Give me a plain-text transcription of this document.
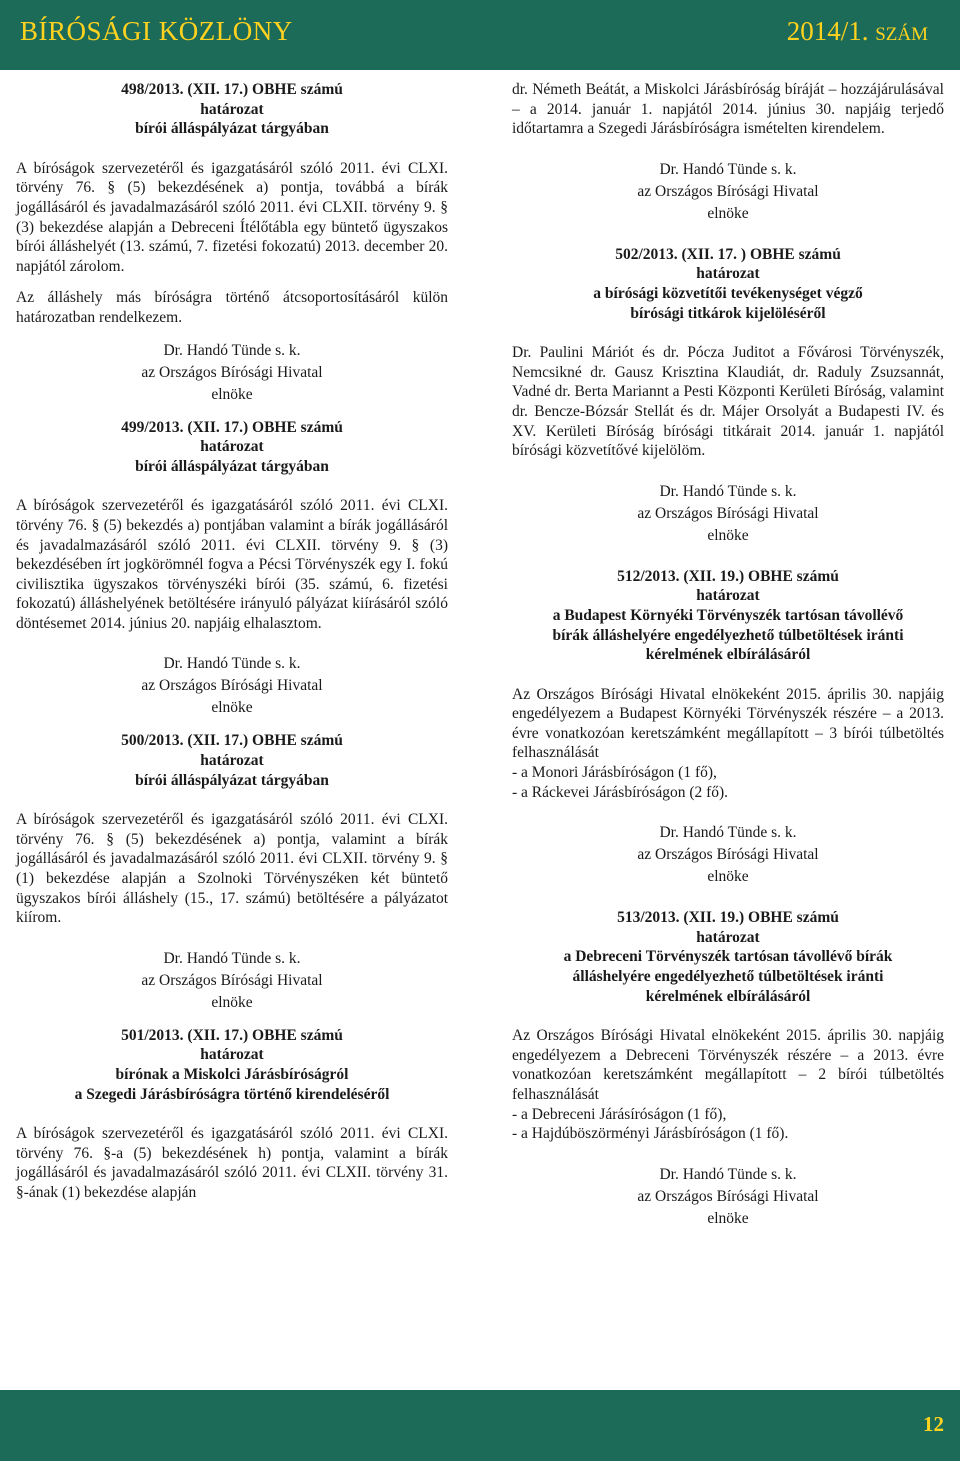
BÍRÓSÁGI KÖZLÖNY	2014/1. SZÁM
498/2013. (XII. 17.) OBHE számú
határozat
bírói álláspályázat tárgyában

A bíróságok szervezetéről és igazgatásáról szóló 2011. évi CLXI. törvény 76. § (5) bekezdésének a) pontja, továbbá a bírák jogállásáról és javadalmazásáról szóló 2011. évi CLXII. törvény 9. § (3) bekezdése alapján a Debreceni Ítélőtábla egy büntető ügyszakos bírói álláshelyét (13. számú, 7. fizetési fokozatú) 2013. december 20. napjától zárolom.

Az álláshely más bíróságra történő átcsoportosításáról külön határozatban rendelkezem.

Dr. Handó Tünde s. k.
az Országos Bírósági Hivatal
elnöke
499/2013. (XII. 17.) OBHE számú
határozat
bírói álláspályázat tárgyában

A bíróságok szervezetéről és igazgatásáról szóló 2011. évi CLXI. törvény 76. § (5) bekezdés a) pontjában valamint a bírák jogállásáról és javadalmazásáról szóló 2011. évi CLXII. törvény 9. § (3) bekezdésében írt jogkörömnél fogva a Pécsi Törvényszék egy I. fokú civilisztika ügyszakos törvényszéki bírói (35. számú, 6. fizetési fokozatú) álláshelyének betöltésére irányuló pályázat kiírásáról szóló döntésemet 2014. június 20. napjáig elhalasztom.

Dr. Handó Tünde s. k.
az Országos Bírósági Hivatal
elnöke
500/2013. (XII. 17.) OBHE számú
határozat
bírói álláspályázat tárgyában

A bíróságok szervezetéről és igazgatásáról szóló 2011. évi CLXI. törvény 76. § (5) bekezdésének a) pontja, valamint a bírák jogállásáról és javadalmazásáról szóló 2011. évi CLXII. törvény 9. § (1) bekezdése alapján a Szolnoki Törvényszéken két büntető ügyszakos bírói álláshely (15., 17. számú) betöltésére a pályázatot kiírom.

Dr. Handó Tünde s. k.
az Országos Bírósági Hivatal
elnöke
501/2013. (XII. 17.) OBHE számú
határozat
bírónak a Miskolci Járásbíróságról
a Szegedi Járásbíróságra történő kirendeléséről

A bíróságok szervezetéről és igazgatásáról szóló 2011. évi CLXI. törvény 76. §-a (5) bekezdésének h) pontja, valamint a bírák jogállásáról és javadalmazásáról szóló 2011. évi CLXII. törvény 31. §-ának (1) bekezdése alapján

dr. Németh Beátát, a Miskolci Járásbíróság bíráját – hozzájárulásával – a 2014. január 1. napjától 2014. június 30. napjáig terjedő időtartamra a Szegedi Járásbíróságra ismételten kirendelem.

Dr. Handó Tünde s. k.
az Országos Bírósági Hivatal
elnöke
502/2013. (XII. 17. ) OBHE számú
határozat
a bírósági közvetítői tevékenységet végző
bírósági titkárok kijelöléséről

Dr. Paulini Máriót és dr. Pócza Juditot a Fővárosi Törvényszék, Nemcsikné dr. Gausz Krisztina Klaudiát, dr. Raduly Zsuzsannát, Vadné dr. Berta Mariannt a Pesti Központi Kerületi Bíróság, valamint dr. Bencze-Bózsár Stellát és dr. Májer Orsolyát a Budapesti IV. és XV. Kerületi Bíróság bírósági titkárait 2014. január 1. napjától bírósági közvetítővé kijelölöm.

Dr. Handó Tünde s. k.
az Országos Bírósági Hivatal
elnöke
512/2013. (XII. 19.) OBHE számú
határozat
a Budapest Környéki Törvényszék tartósan távollévő
bírák álláshelyére engedélyezhető túlbetöltések iránti
kérelmének elbírálásáról

Az Országos Bírósági Hivatal elnökeként 2015. április 30. napjáig engedélyezem a Budapest Környéki Törvényszék részére – a 2013. évre vonatkozóan keretszámként megállapított – 3 bírói túlbetöltés felhasználását

- a Monori Járásbíróságon (1 fő),
- a Ráckevei Járásbíróságon (2 fő).
Dr. Handó Tünde s. k.
az Országos Bírósági Hivatal
elnöke
513/2013. (XII. 19.) OBHE számú
határozat
a Debreceni Törvényszék tartósan távollévő bírák
álláshelyére engedélyezhető túlbetöltések iránti
kérelmének elbírálásáról

Az Országos Bírósági Hivatal elnökeként 2015. április 30. napjáig engedélyezem a Debreceni Törvényszék részére – a 2013. évre vonatkozóan keretszámként megállapított – 2 bírói túlbetöltés felhasználását

- a Debreceni Járásíróságon (1 fő),
- a Hajdúböszörményi Járásbíróságon (1 fő).
Dr. Handó Tünde s. k.
az Országos Bírósági Hivatal
elnöke
12
